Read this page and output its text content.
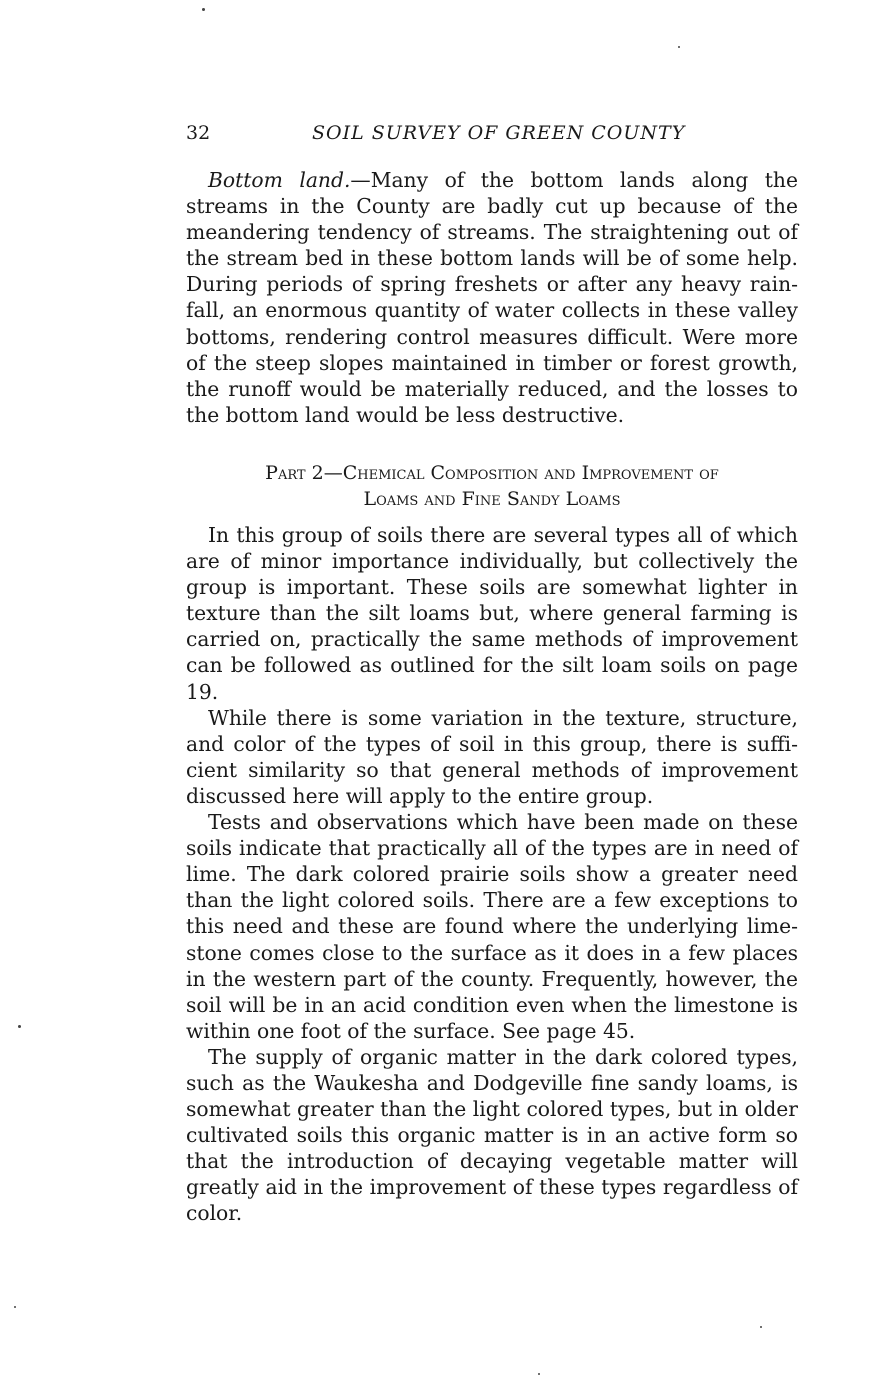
32	SOIL SURVEY OF GREEN COUNTY

Bottom land.—Many of the bottom lands along the streams in the County are badly cut up because of the meandering tendency of streams. The straightening out of the stream bed in these bottom lands will be of some help. During periods of spring freshets or after any heavy rainfall, an enormous quantity of water collects in these valley bottoms, rendering control measures difficult. Were more of the steep slopes maintained in timber or forest growth, the runoff would be materially reduced, and the losses to the bottom land would be less destructive.

Part 2—Chemical Composition and Improvement of
Loams and Fine Sandy Loams

In this group of soils there are several types all of which are of minor importance individually, but collectively the group is important. These soils are somewhat lighter in texture than the silt loams but, where general farming is carried on, practically the same methods of improvement can be followed as outlined for the silt loam soils on page 19.

While there is some variation in the texture, structure, and color of the types of soil in this group, there is sufficient similarity so that general methods of improvement discussed here will apply to the entire group.

Tests and observations which have been made on these soils indicate that practically all of the types are in need of lime. The dark colored prairie soils show a greater need than the light colored soils. There are a few exceptions to this need and these are found where the underlying limestone comes close to the surface as it does in a few places in the western part of the county. Frequently, however, the soil will be in an acid condition even when the limestone is within one foot of the surface. See page 45.

The supply of organic matter in the dark colored types, such as the Waukesha and Dodgeville fine sandy loams, is somewhat greater than the light colored types, but in older cultivated soils this organic matter is in an active form so that the introduction of decaying vegetable matter will greatly aid in the improvement of these types regardless of color.
